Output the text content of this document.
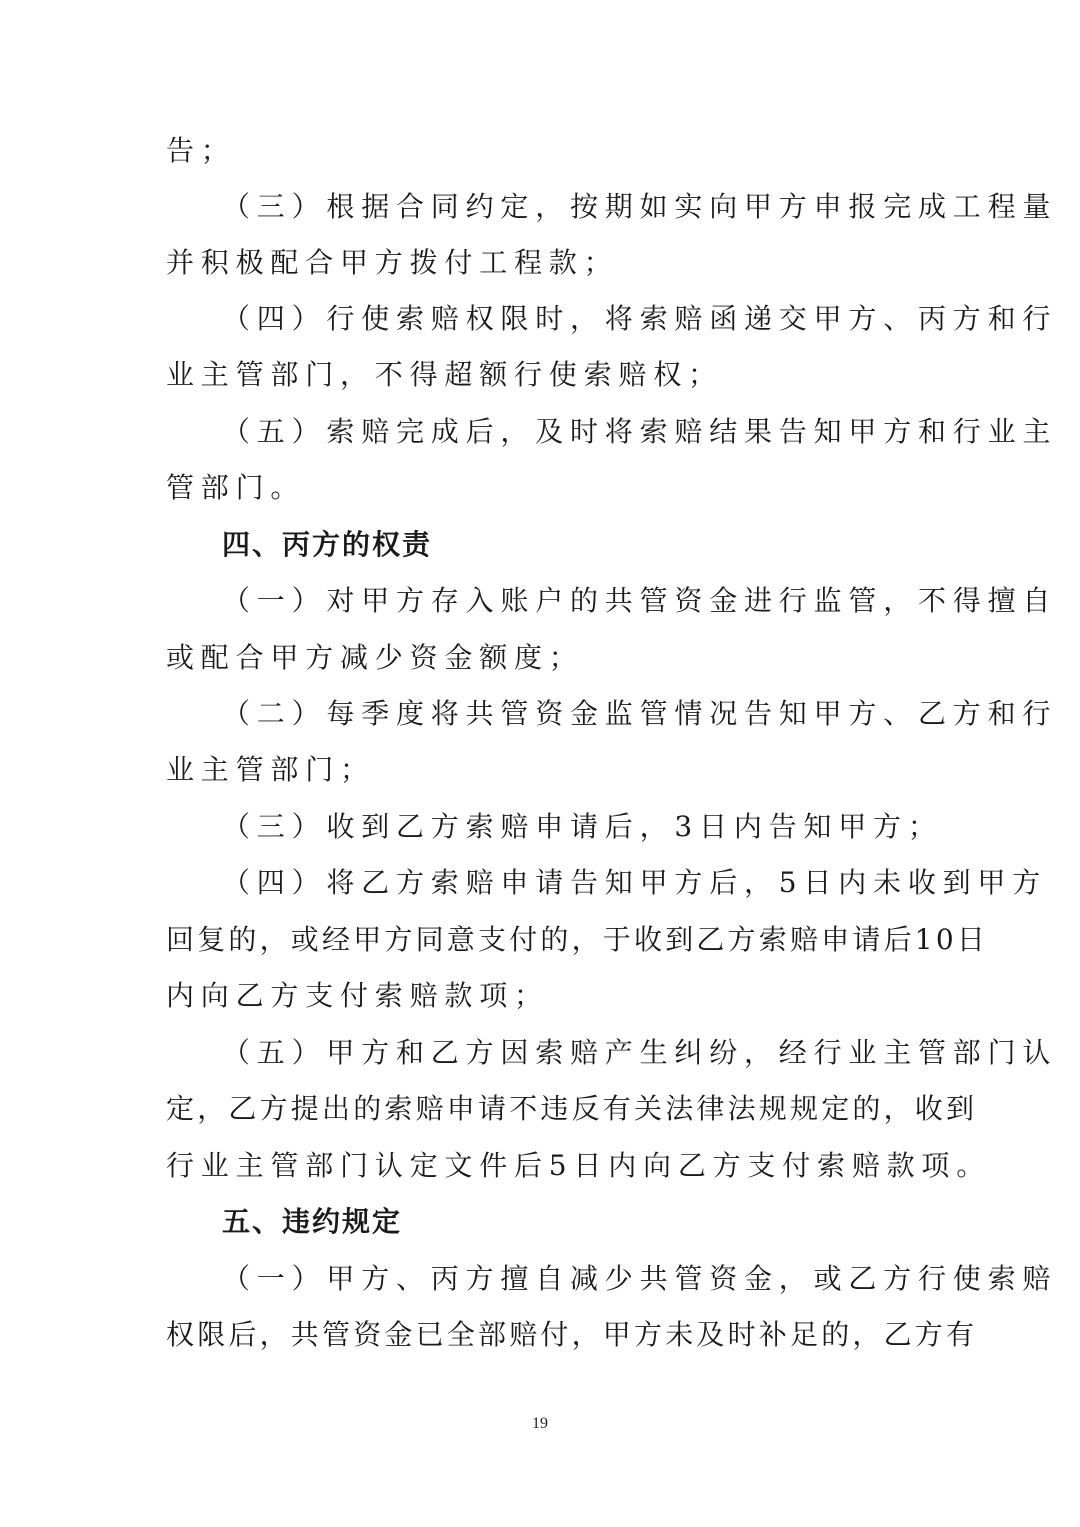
告；
（三）根据合同约定，按期如实向甲方申报完成工程量
并积极配合甲方拨付工程款；
（四）行使索赔权限时，将索赔函递交甲方、丙方和行
业主管部门，不得超额行使索赔权；
（五）索赔完成后，及时将索赔结果告知甲方和行业主
管部门。
四、丙方的权责
（一）对甲方存入账户的共管资金进行监管，不得擅自
或配合甲方减少资金额度；
（二）每季度将共管资金监管情况告知甲方、乙方和行
业主管部门；
（三）收到乙方索赔申请后，3日内告知甲方；
（四）将乙方索赔申请告知甲方后，5日内未收到甲方
回复的，或经甲方同意支付的，于收到乙方索赔申请后10日
内向乙方支付索赔款项；
（五）甲方和乙方因索赔产生纠纷，经行业主管部门认
定，乙方提出的索赔申请不违反有关法律法规规定的，收到
行业主管部门认定文件后5日内向乙方支付索赔款项。
五、违约规定
（一）甲方、丙方擅自减少共管资金，或乙方行使索赔
权限后，共管资金已全部赔付，甲方未及时补足的，乙方有
19
